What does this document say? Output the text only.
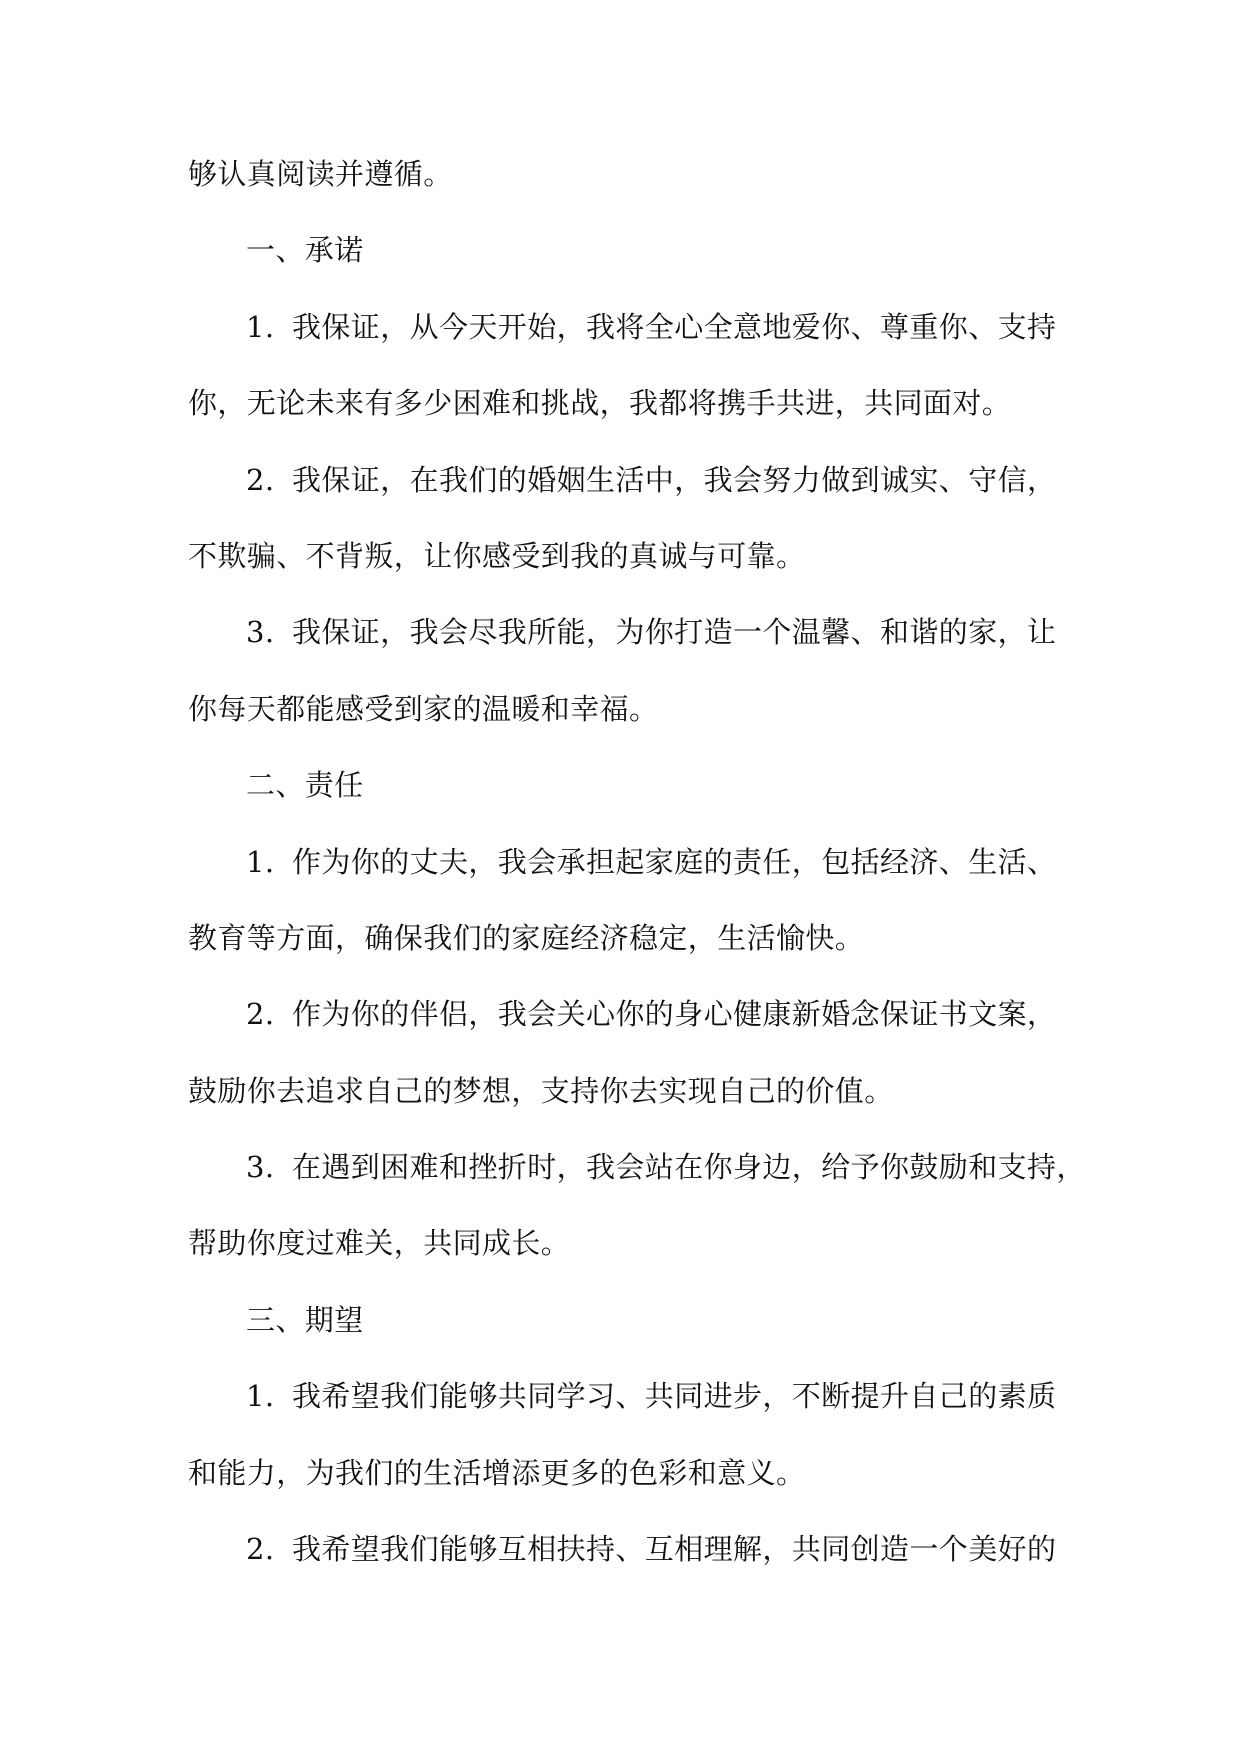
够认真阅读并遵循。
一、承诺
1. 我保证，从今天开始，我将全心全意地爱你、尊重你、支持
你，无论未来有多少困难和挑战，我都将携手共进，共同面对。
2. 我保证，在我们的婚姻生活中，我会努力做到诚实、守信，
不欺骗、不背叛，让你感受到我的真诚与可靠。
3. 我保证，我会尽我所能，为你打造一个温馨、和谐的家，让
你每天都能感受到家的温暖和幸福。
二、责任
1. 作为你的丈夫，我会承担起家庭的责任，包括经济、生活、
教育等方面，确保我们的家庭经济稳定，生活愉快。
2. 作为你的伴侣，我会关心你的身心健康新婚念保证书文案，
鼓励你去追求自己的梦想，支持你去实现自己的价值。
3. 在遇到困难和挫折时，我会站在你身边，给予你鼓励和支持，
帮助你度过难关，共同成长。
三、期望
1. 我希望我们能够共同学习、共同进步，不断提升自己的素质
和能力，为我们的生活增添更多的色彩和意义。
2. 我希望我们能够互相扶持、互相理解，共同创造一个美好的
